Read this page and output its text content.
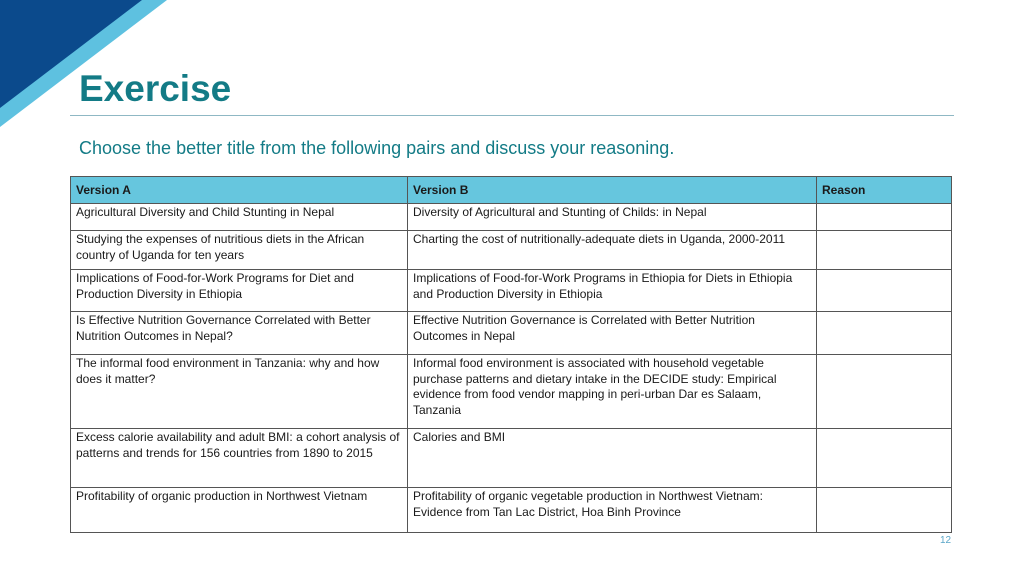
Exercise

Choose the better title from the following pairs and discuss your reasoning.

Version A	Version B	Reason
Agricultural Diversity and Child Stunting in Nepal	Diversity of Agricultural and Stunting of Childs: in Nepal	
Studying the expenses of nutritious diets in the African country of Uganda for ten years	Charting the cost of nutritionally-adequate diets in Uganda, 2000-2011	
Implications of Food-for-Work Programs for Diet and Production Diversity in Ethiopia	Implications of Food-for-Work Programs in Ethiopia for Diets in Ethiopia and Production Diversity in Ethiopia	
Is Effective Nutrition Governance Correlated with Better Nutrition Outcomes in Nepal?	Effective Nutrition Governance is Correlated with Better Nutrition Outcomes in Nepal	
The informal food environment in Tanzania: why and how does it matter?	Informal food environment is associated with household vegetable purchase patterns and dietary intake in the DECIDE study: Empirical evidence from food vendor mapping in peri-urban Dar es Salaam, Tanzania	
Excess calorie availability and adult BMI: a cohort analysis of patterns and trends for 156 countries from 1890 to 2015	Calories and BMI	
Profitability of organic production in Northwest Vietnam	Profitability of organic vegetable production in Northwest Vietnam: Evidence from Tan Lac District, Hoa Binh Province	
12
